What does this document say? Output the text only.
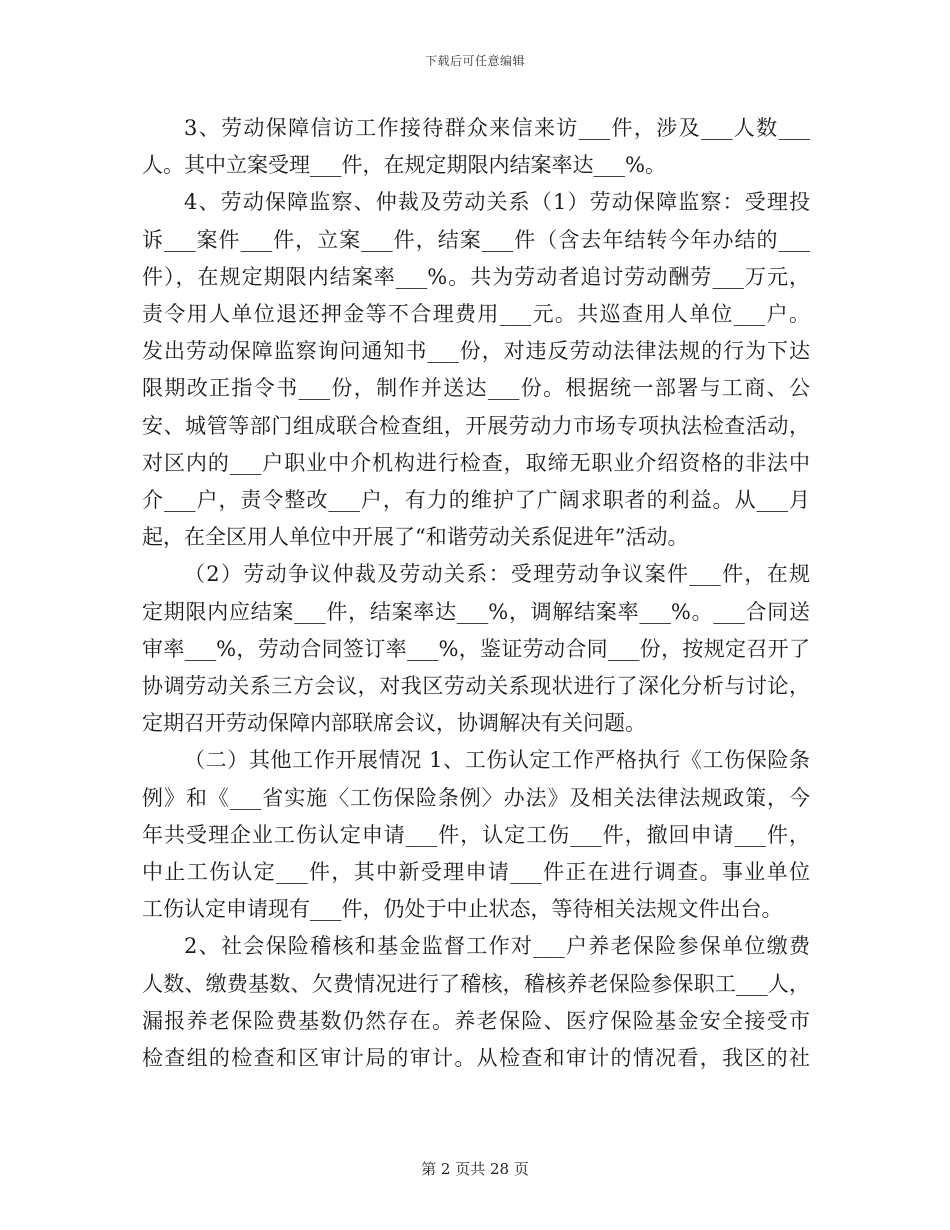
下载后可任意编辑

3、劳动保障信访工作接待群众来信来访___件，涉及___人数___
人。其中立案受理___件，在规定期限内结案率达___%。

4、劳动保障监察、仲裁及劳动关系（1）劳动保障监察：受理投
诉___案件___件，立案___件，结案___件（含去年结转今年办结的___
件），在规定期限内结案率___%。共为劳动者追讨劳动酬劳___万元，
责令用人单位退还押金等不合理费用___元。共巡查用人单位___户。
发出劳动保障监察询问通知书___份，对违反劳动法律法规的行为下达
限期改正指令书___份，制作并送达___份。根据统一部署与工商、公
安、城管等部门组成联合检查组，开展劳动力市场专项执法检查活动，
对区内的___户职业中介机构进行检查，取缔无职业介绍资格的非法中
介___户，责令整改___户，有力的维护了广阔求职者的利益。从___月
起，在全区用人单位中开展了“和谐劳动关系促进年”活动。

（2）劳动争议仲裁及劳动关系：受理劳动争议案件___件，在规
定期限内应结案___件，结案率达___%，调解结案率___%。___合同送
审率___%，劳动合同签订率___%，鉴证劳动合同___份，按规定召开了
协调劳动关系三方会议，对我区劳动关系现状进行了深化分析与讨论，
定期召开劳动保障内部联席会议，协调解决有关问题。

（二）其他工作开展情况 1、工伤认定工作严格执行《工伤保险条
例》和《___省实施〈工伤保险条例〉办法》及相关法律法规政策，今
年共受理企业工伤认定申请___件，认定工伤___件，撤回申请___件，
中止工伤认定___件，其中新受理申请___件正在进行调查。事业单位
工伤认定申请现有___件，仍处于中止状态，等待相关法规文件出台。

2、社会保险稽核和基金监督工作对___户养老保险参保单位缴费
人数、缴费基数、欠费情况进行了稽核，稽核养老保险参保职工___人，
漏报养老保险费基数仍然存在。养老保险、医疗保险基金安全接受市
检查组的检查和区审计局的审计。从检查和审计的情况看，我区的社

第 2 页共 28 页
